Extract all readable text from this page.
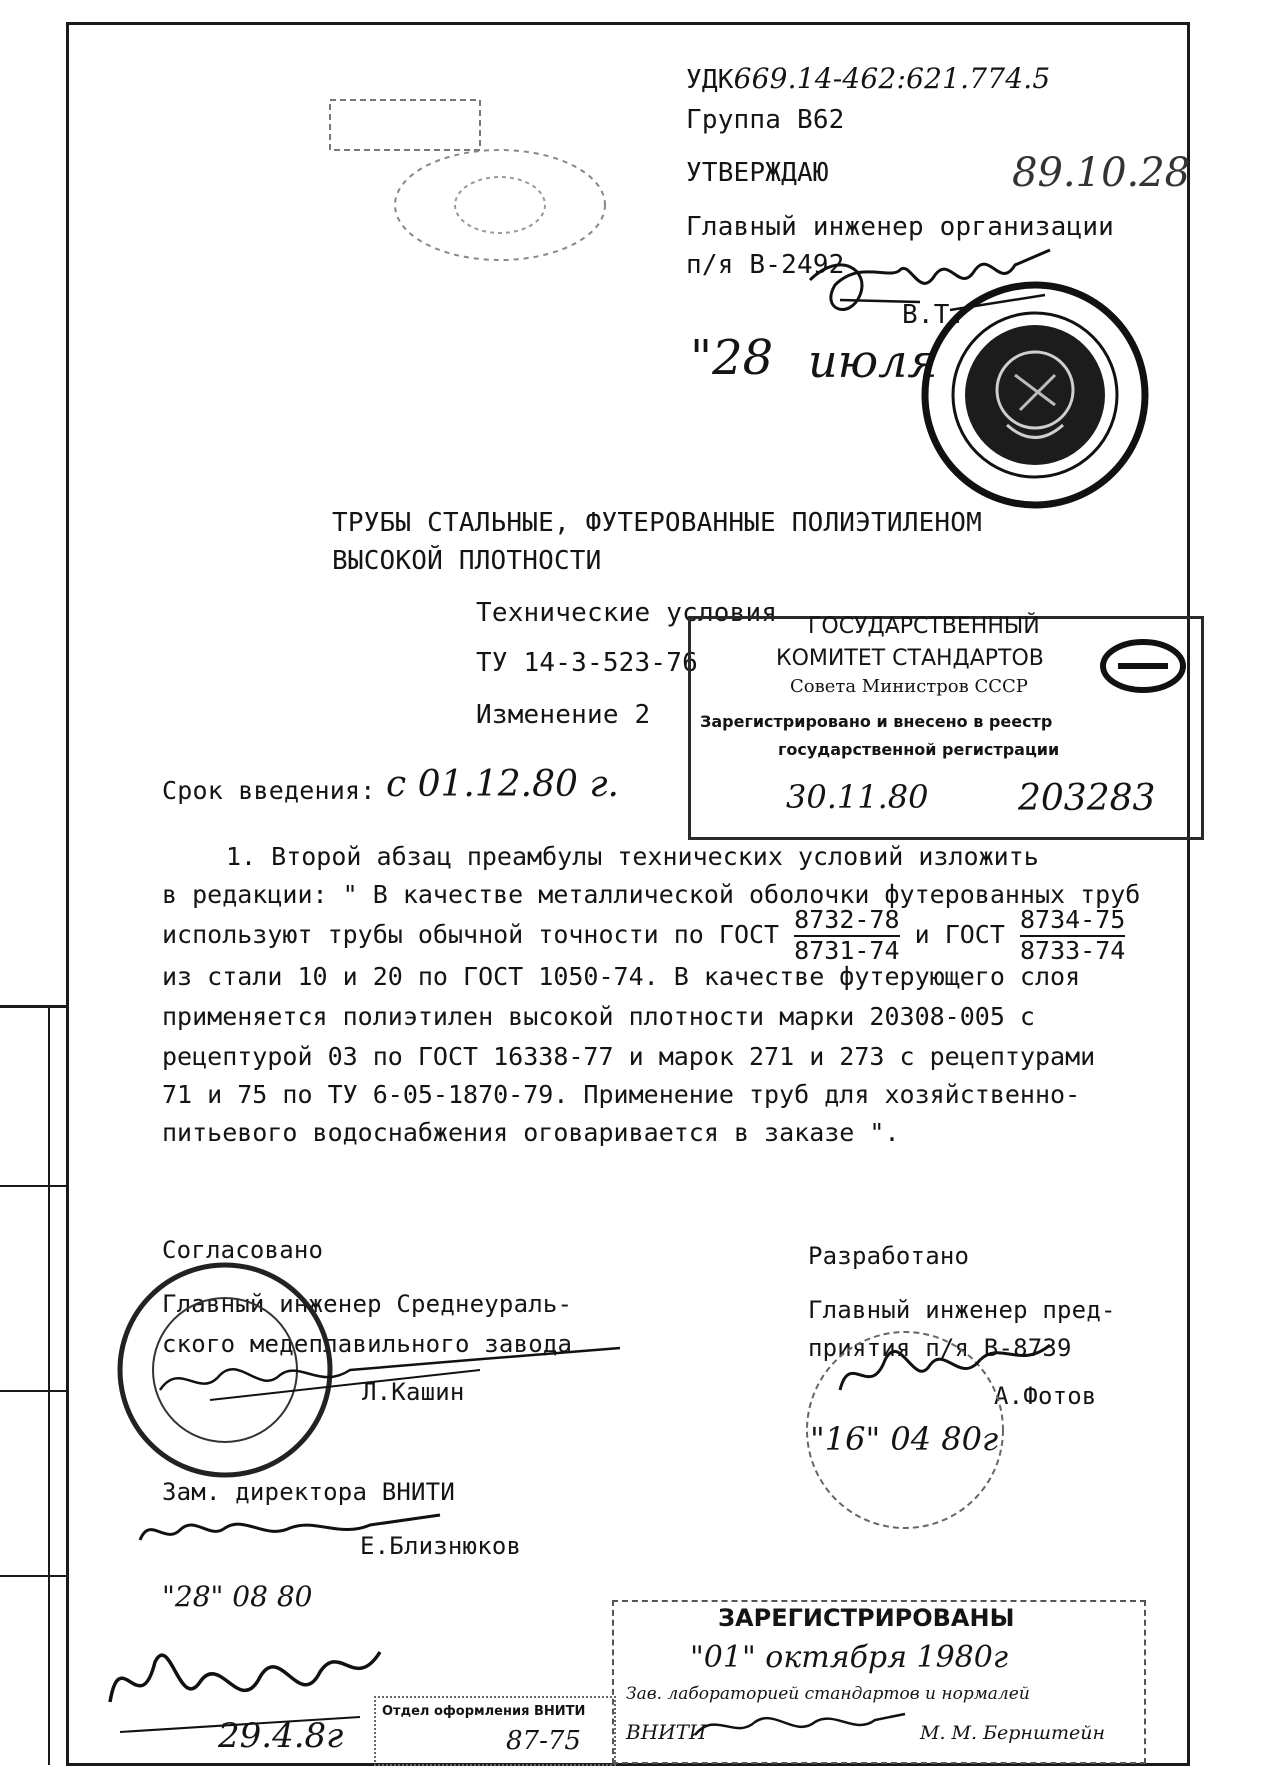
УДК669.14-462:621.774.5
Группа В62
УТВЕРЖДАЮ	89.10.28
Главный инженер организации
п/я В-2492
В.Т.
"28 июля
ТРУБЫ СТАЛЬНЫЕ, ФУТЕРОВАННЫЕ ПОЛИЭТИЛЕНОМ
ВЫСОКОЙ ПЛОТНОСТИ
Технические условия
ТУ 14-3-523-76
Изменение 2
ГОСУДАРСТВЕННЫЙ
КОМИТЕТ СТАНДАРТОВ
Совета Министров СССР
Зарегистрировано и внесено в реестр
государственной регистрации
30.11.80 203283
Срок введения: с 01.12.80 г.
1. Второй абзац преамбулы технических условий изложить
в редакции: " В качестве металлической оболочки футерованных труб
используют трубы обычной точности по ГОСТ $\frac{8732-78}{8731-74}$ и ГОСТ $\frac{8734-75}{8733-74}$
из стали 10 и 20 по ГОСТ 1050-74. В качестве футерующего слоя
применяется полиэтилен высокой плотности марки 20308-005 с
рецептурой 03 по ГОСТ 16338-77 и марок 271 и 273 с рецептурами
71 и 75 по ТУ 6-05-1870-79. Применение труб для хозяйственно-
питьевого водоснабжения оговаривается в заказе ".
Согласовано
Главный инженер Среднеураль-
ского медеплавильного завода
Л.Кашин
Зам. директора ВНИТИ
Е.Близнюков
"28" 08 80
Разработано
Главный инженер пред-
приятия п/я В-8739
А.Фотов
"16" 04 80г
ЗАРЕГИСТРИРОВАНЫ
"01" октября 1980г
Зав. лабораторией стандартов и нормалей
ВНИТИ	М. М. Бернштейн
29.4.8г
Отдел оформления ВНИТИ
87-75
